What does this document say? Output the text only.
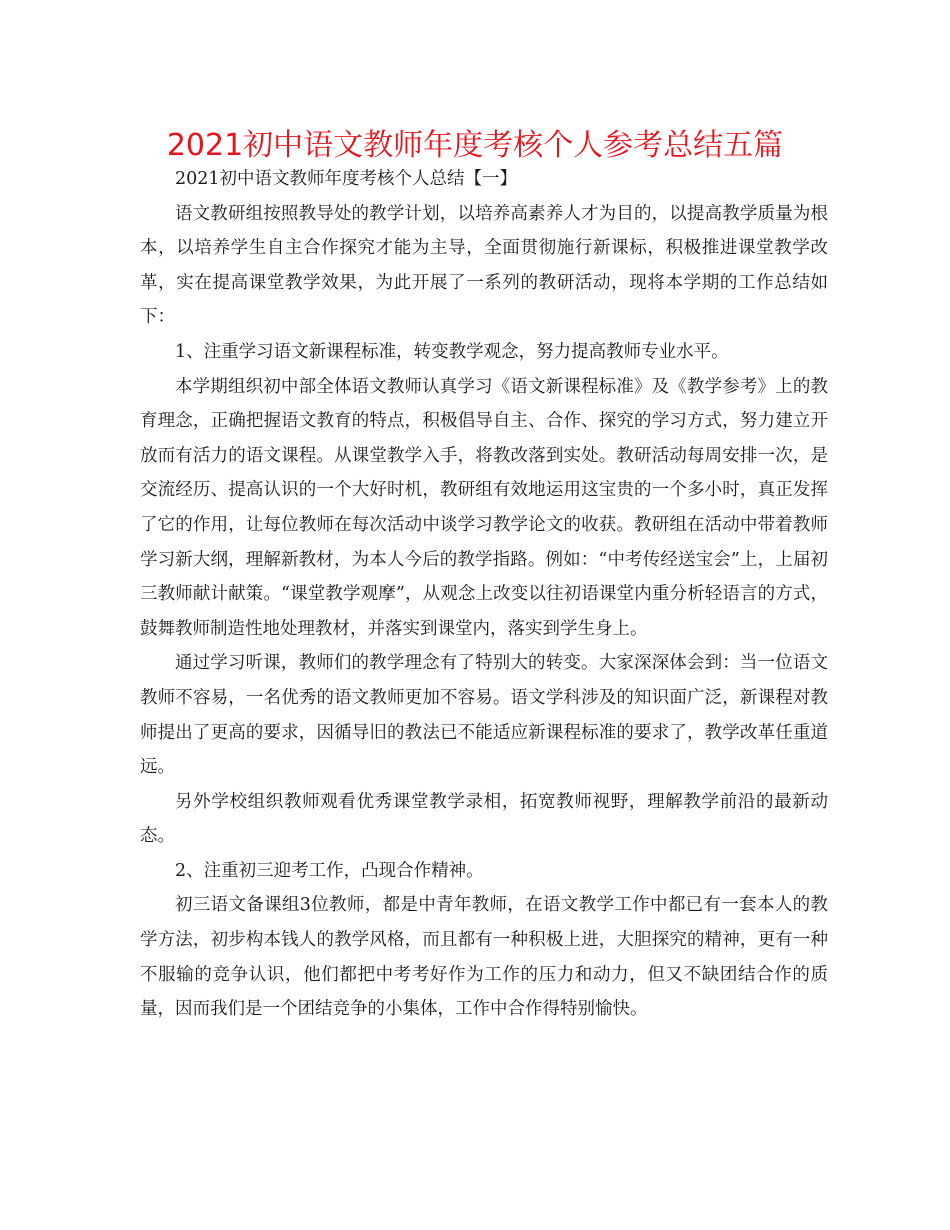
2021初中语文教师年度考核个人参考总结五篇

2021初中语文教师年度考核个人总结【一】

语文教研组按照教导处的教学计划，以培养高素养人才为目的，以提高教学质量为根本，以培养学生自主合作探究才能为主导，全面贯彻施行新课标，积极推进课堂教学改革，实在提高课堂教学效果，为此开展了一系列的教研活动，现将本学期的工作总结如下：

1、注重学习语文新课程标准，转变教学观念，努力提高教师专业水平。

本学期组织初中部全体语文教师认真学习《语文新课程标准》及《教学参考》上的教育理念，正确把握语文教育的特点，积极倡导自主、合作、探究的学习方式，努力建立开放而有活力的语文课程。从课堂教学入手，将教改落到实处。教研活动每周安排一次，是交流经历、提高认识的一个大好时机，教研组有效地运用这宝贵的一个多小时，真正发挥了它的作用，让每位教师在每次活动中谈学习教学论文的收获。教研组在活动中带着教师学习新大纲，理解新教材，为本人今后的教学指路。例如：“中考传经送宝会”上，上届初三教师献计献策。“课堂教学观摩”，从观念上改变以往初语课堂内重分析轻语言的方式，鼓舞教师制造性地处理教材，并落实到课堂内，落实到学生身上。

通过学习听课，教师们的教学理念有了特别大的转变。大家深深体会到：当一位语文教师不容易，一名优秀的语文教师更加不容易。语文学科涉及的知识面广泛，新课程对教师提出了更高的要求，因循导旧的教法已不能适应新课程标准的要求了，教学改革任重道远。

另外学校组织教师观看优秀课堂教学录相，拓宽教师视野，理解教学前沿的最新动态。

2、注重初三迎考工作，凸现合作精神。

初三语文备课组3位教师，都是中青年教师，在语文教学工作中都已有一套本人的教学方法，初步构本钱人的教学风格，而且都有一种积极上进，大胆探究的精神，更有一种不服输的竞争认识，他们都把中考考好作为工作的压力和动力，但又不缺团结合作的质量，因而我们是一个团结竞争的小集体，工作中合作得特别愉快。
